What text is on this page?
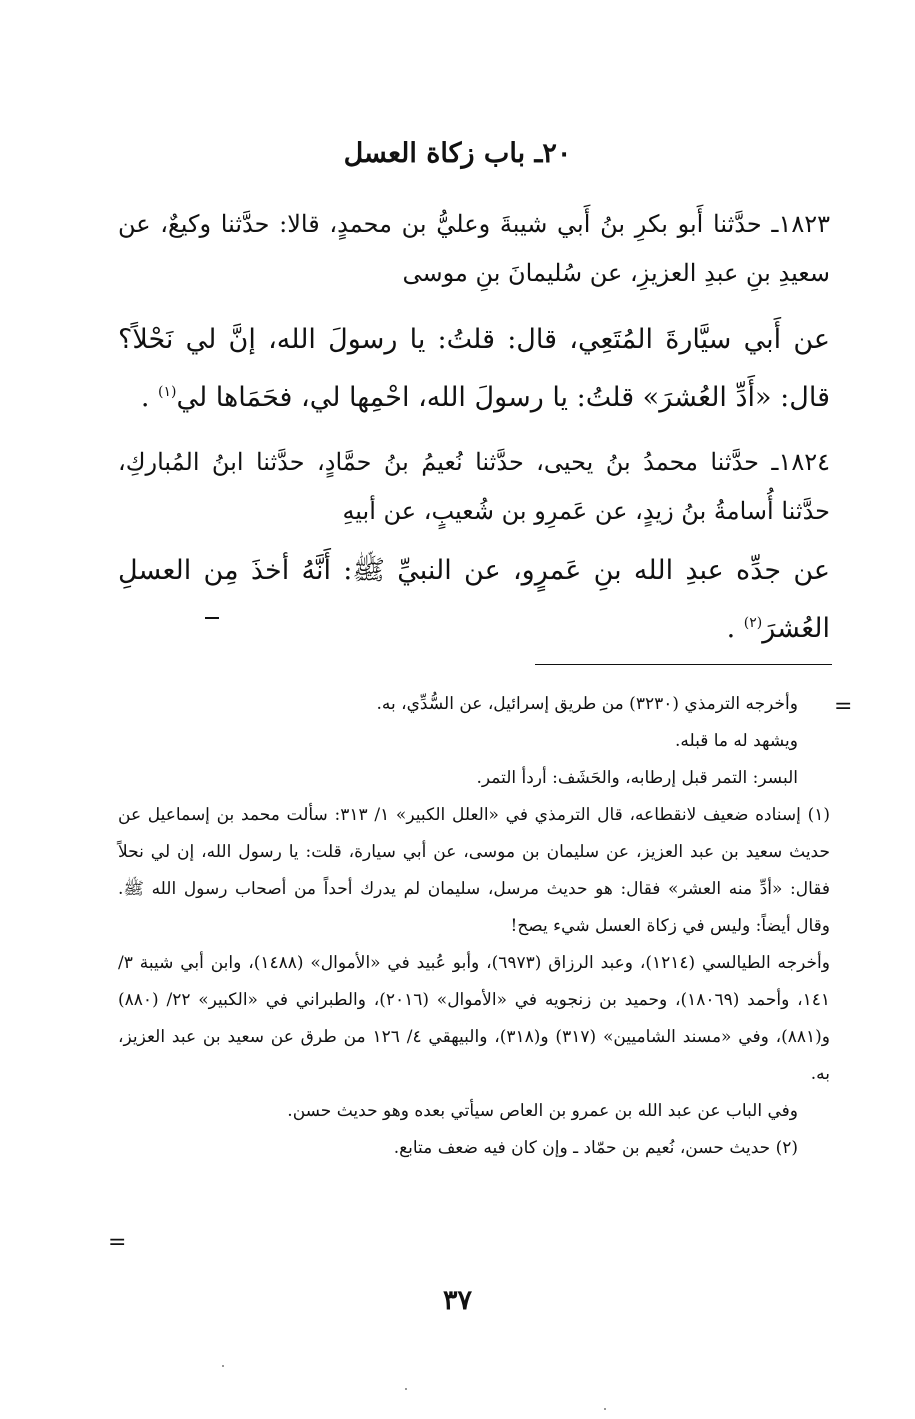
٢٠ـ باب زكاة العسل
١٨٢٣ـ حدَّثنا أَبو بكرِ بنُ أَبي شيبةَ وعليُّ بن محمدٍ، قالا: حدَّثنا وكيعٌ، عن سعيدِ بنِ عبدِ العزيزِ، عن سُليمانَ بنِ موسى
عن أَبي سيَّارةَ المُتَعِي، قال: قلتُ: يا رسولَ الله، إنَّ لي نَحْلاً؟ قال: «أَدِّ العُشرَ» قلتُ: يا رسولَ الله، احْمِها لي، فحَمَاها لي$^{(١)}$ .
١٨٢٤ـ حدَّثنا محمدُ بنُ يحيى، حدَّثنا نُعيمُ بنُ حمَّادٍ، حدَّثنا ابنُ المُباركِ، حدَّثنا أُسامةُ بنُ زيدٍ، عن عَمرِو بن شُعيبٍ، عن أبيهِ
عن جدِّه عبدِ الله بنِ عَمرٍو، عن النبيِّ ﷺ: أَنَّهُ أخذَ مِن العسلِ العُشرَ$^{(٢)}$ .
=

وأخرجه الترمذي (٣٢٣٠) من طريق إسرائيل، عن السُّدِّي، به.

ويشهد له ما قبله.

البسر: التمر قبل إرطابه، والحَشَف: أردأ التمر.

(١) إسناده ضعيف لانقطاعه، قال الترمذي في «العلل الكبير» ١/ ٣١٣: سألت محمد بن إسماعيل عن حديث سعيد بن عبد العزيز، عن سليمان بن موسى، عن أبي سيارة، قلت: يا رسول الله، إن لي نحلاً فقال: «أدِّ منه العشر» فقال: هو حديث مرسل، سليمان لم يدرك أحداً من أصحاب رسول الله ﷺ. وقال أيضاً: وليس في زكاة العسل شيء يصح!

وأخرجه الطيالسي (١٢١٤)، وعبد الرزاق (٦٩٧٣)، وأبو عُبيد في «الأموال» (١٤٨٨)، وابن أبي شيبة ٣/ ١٤١، وأحمد (١٨٠٦٩)، وحميد بن زنجويه في «الأموال» (٢٠١٦)، والطبراني في «الكبير» ٢٢/ (٨٨٠) و(٨٨١)، وفي «مسند الشاميين» (٣١٧) و(٣١٨)، والبيهقي ٤/ ١٢٦ من طرق عن سعيد بن عبد العزيز، به.

وفي الباب عن عبد الله بن عمرو بن العاص سيأتي بعده وهو حديث حسن.

(٢) حديث حسن، نُعيم بن حمّاد ـ وإن كان فيه ضعف متابع.

=
٣٧
